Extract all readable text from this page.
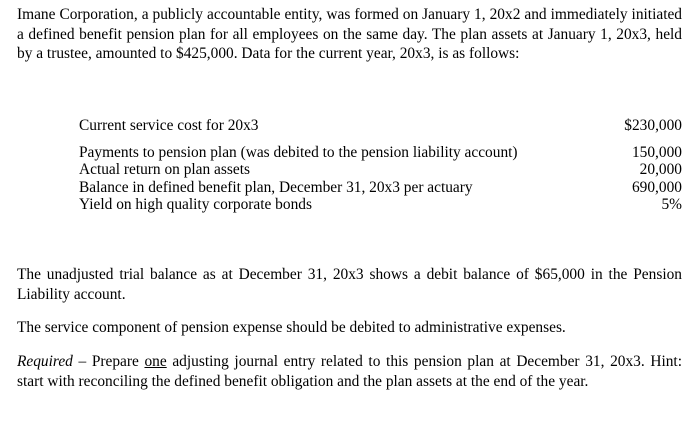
Imane Corporation, a publicly accountable entity, was formed on January 1, 20x2 and immediately initiated a defined benefit pension plan for all employees on the same day. The plan assets at January 1, 20x3, held by a trustee, amounted to $425,000. Data for the current year, 20x3, is as follows:

Current service cost for 20x3	$230,000

Payments to pension plan (was debited to the pension liability account)	150,000
Actual return on plan assets	20,000
Balance in defined benefit plan, December 31, 20x3 per actuary	690,000
Yield on high quality corporate bonds	5%

The unadjusted trial balance as at December 31, 20x3 shows a debit balance of $65,000 in the Pension Liability account.

The service component of pension expense should be debited to administrative expenses.

Required – Prepare one adjusting journal entry related to this pension plan at December 31, 20x3. Hint: start with reconciling the defined benefit obligation and the plan assets at the end of the year.
